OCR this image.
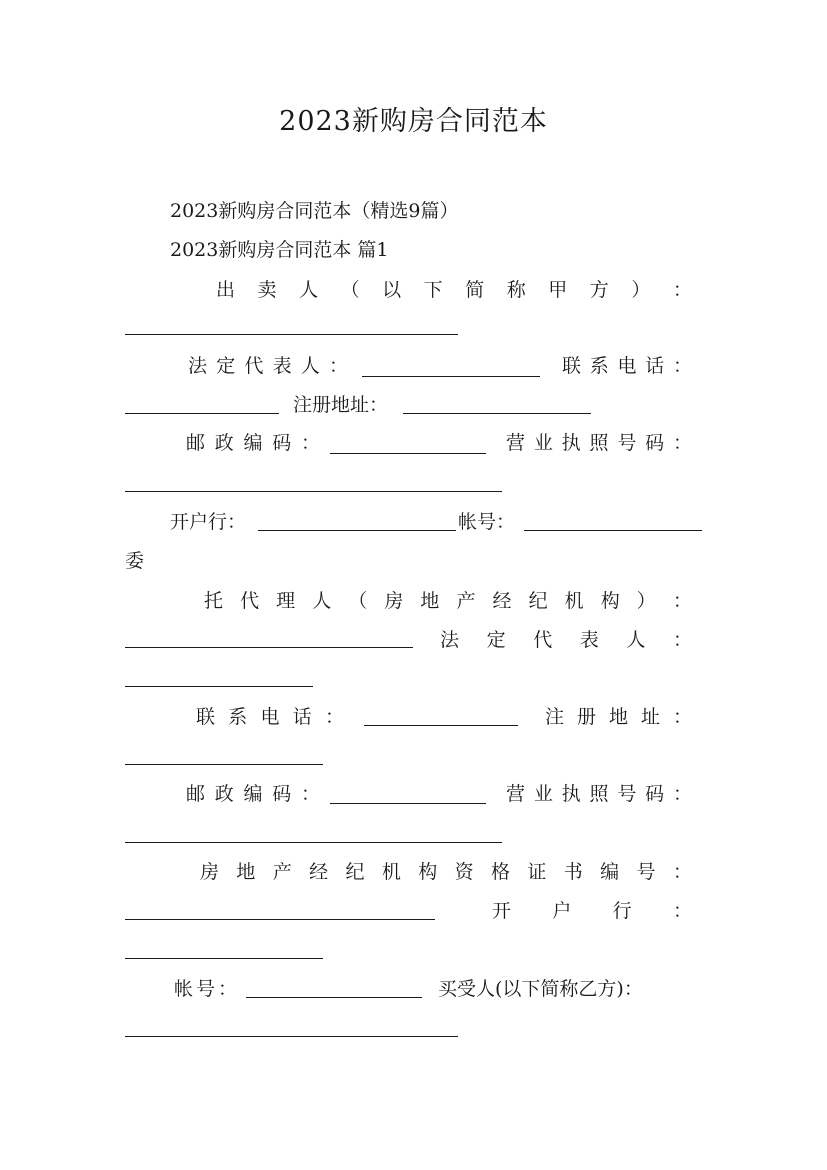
2023新购房合同范本
2023新购房合同范本（精选9篇）
2023新购房合同范本 篇1
出 卖 人 （ 以 下 简 称 甲 方 ） ：
法 定 代 表 人 ：	联 系 电 话 ：
注册地址：
邮 政 编 码 ：	营 业 执 照 号 码 ：
开户行：	帐号：
委
托 代 理 人 （ 房 地 产 经 纪 机 构 ） ：
法 定 代 表 人 ：
联 系 电 话 ：	注 册 地 址 ：
邮 政 编 码 ：	营 业 执 照 号 码 ：
房 地 产 经 纪 机 构 资 格 证 书 编 号 ：
开 户 行 ：
帐号：	买受人(以下简称乙方)：
